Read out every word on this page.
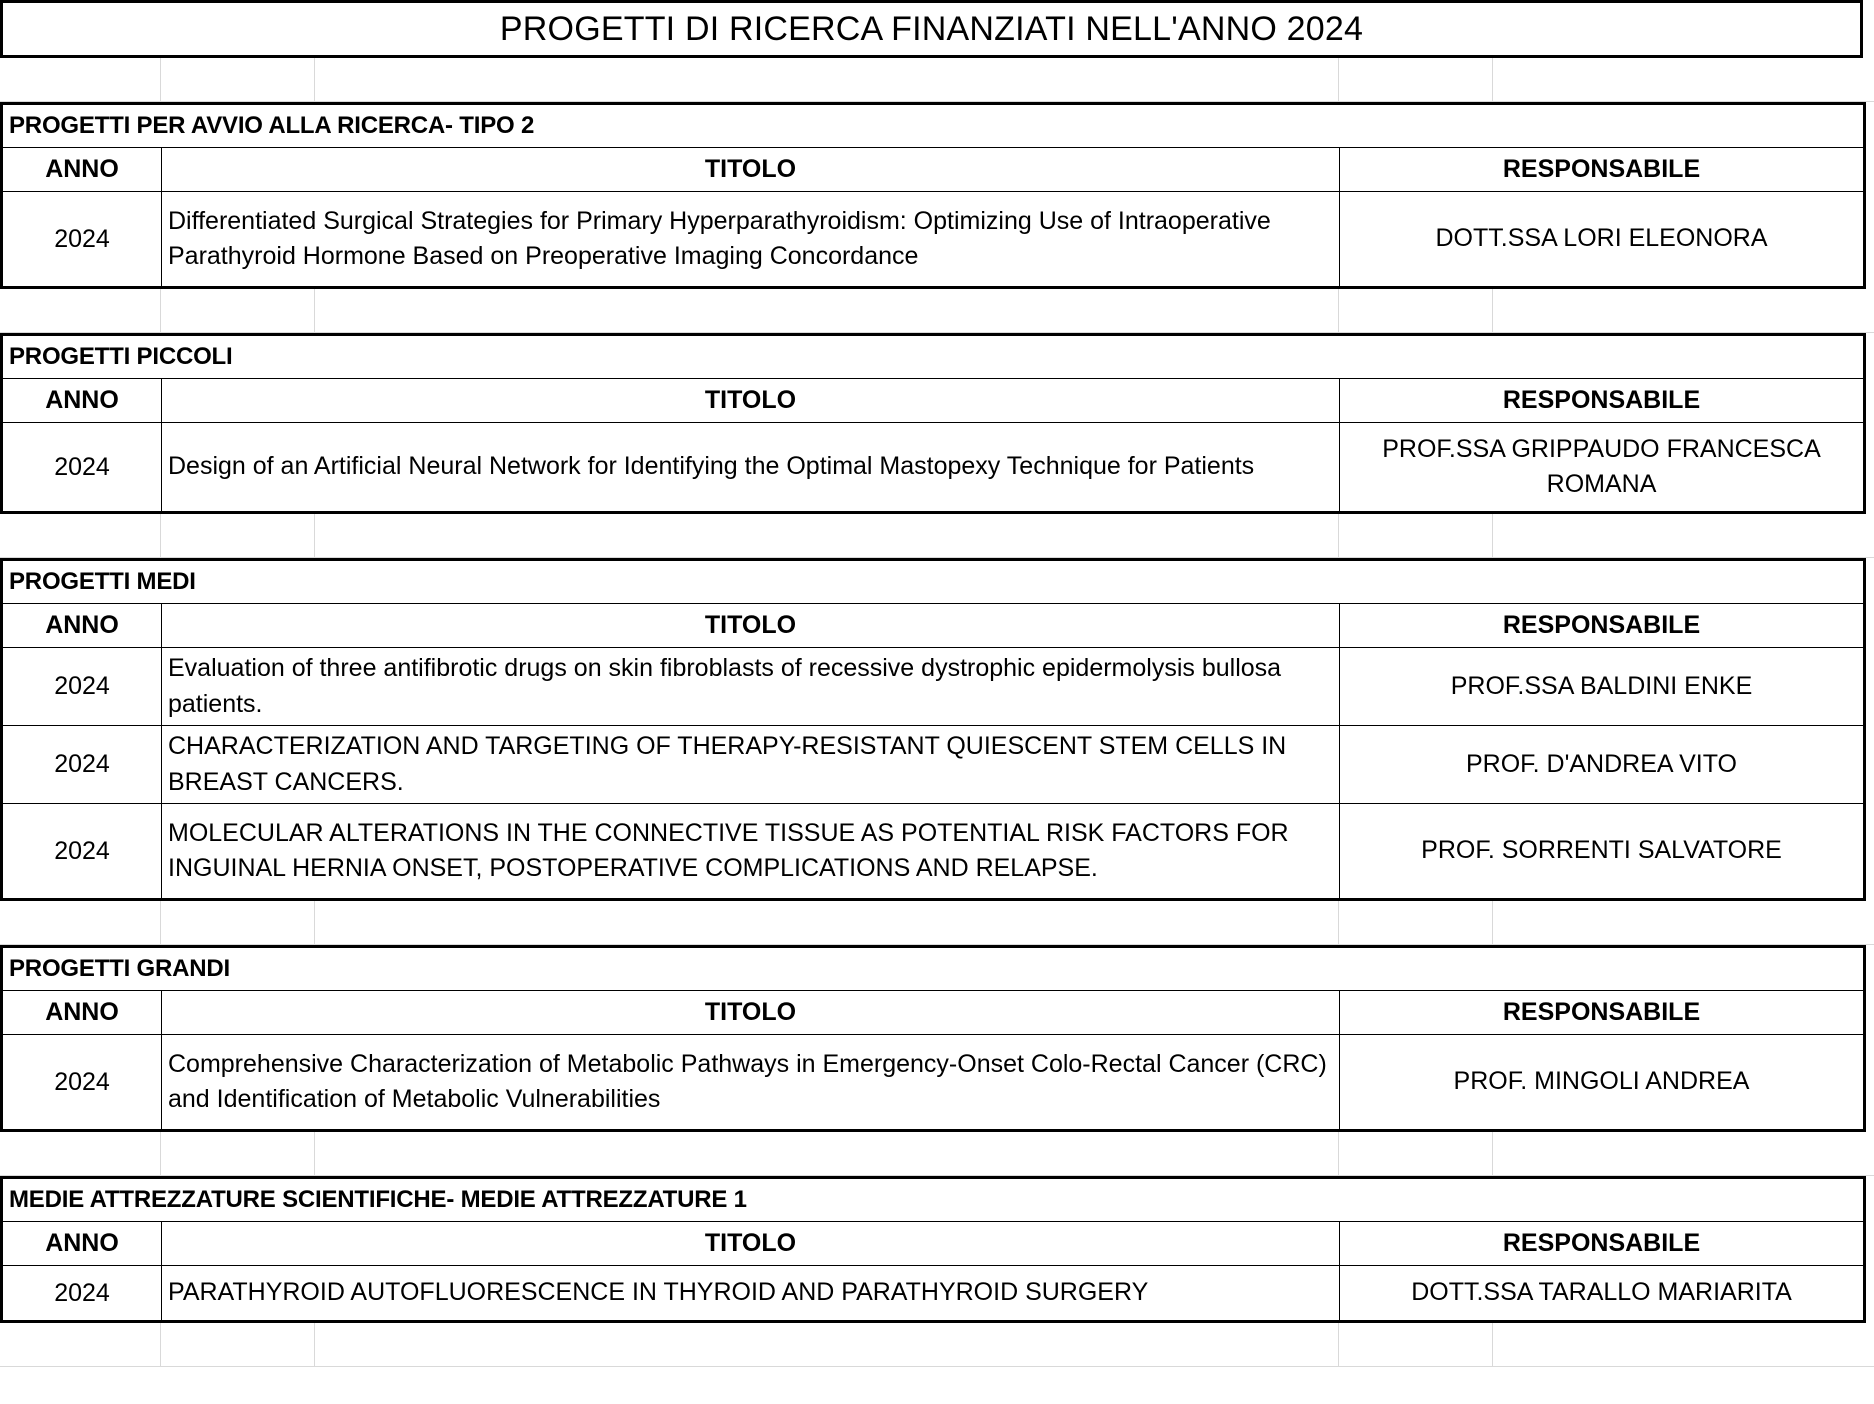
PROGETTI DI RICERCA FINANZIATI NELL'ANNO 2024
PROGETTI PER AVVIO ALLA RICERCA- TIPO 2		
ANNO	TITOLO	RESPONSABILE
2024	Differentiated Surgical Strategies for Primary Hyperparathyroidism: Optimizing Use of Intraoperative Parathyroid Hormone Based on Preoperative Imaging Concordance	DOTT.SSA LORI ELEONORA
PROGETTI PICCOLI		
ANNO	TITOLO	RESPONSABILE
2024	Design of an Artificial Neural Network for Identifying the Optimal Mastopexy Technique for Patients	PROF.SSA GRIPPAUDO FRANCESCA ROMANA
PROGETTI MEDI		
ANNO	TITOLO	RESPONSABILE
2024	Evaluation of three antifibrotic drugs on skin fibroblasts of recessive dystrophic epidermolysis bullosa patients.	PROF.SSA BALDINI ENKE
2024	CHARACTERIZATION AND TARGETING OF THERAPY-RESISTANT QUIESCENT STEM CELLS IN BREAST CANCERS.	PROF. D'ANDREA VITO
2024	MOLECULAR ALTERATIONS IN THE CONNECTIVE TISSUE AS POTENTIAL RISK FACTORS FOR INGUINAL HERNIA ONSET, POSTOPERATIVE COMPLICATIONS AND RELAPSE.	PROF. SORRENTI SALVATORE
PROGETTI GRANDI		
ANNO	TITOLO	RESPONSABILE
2024	Comprehensive Characterization of Metabolic Pathways in Emergency-Onset Colo-Rectal Cancer (CRC) and Identification of Metabolic Vulnerabilities	PROF. MINGOLI ANDREA
MEDIE ATTREZZATURE SCIENTIFICHE- MEDIE ATTREZZATURE 1		
ANNO	TITOLO	RESPONSABILE
2024	PARATHYROID AUTOFLUORESCENCE IN THYROID AND PARATHYROID SURGERY	DOTT.SSA TARALLO MARIARITA
